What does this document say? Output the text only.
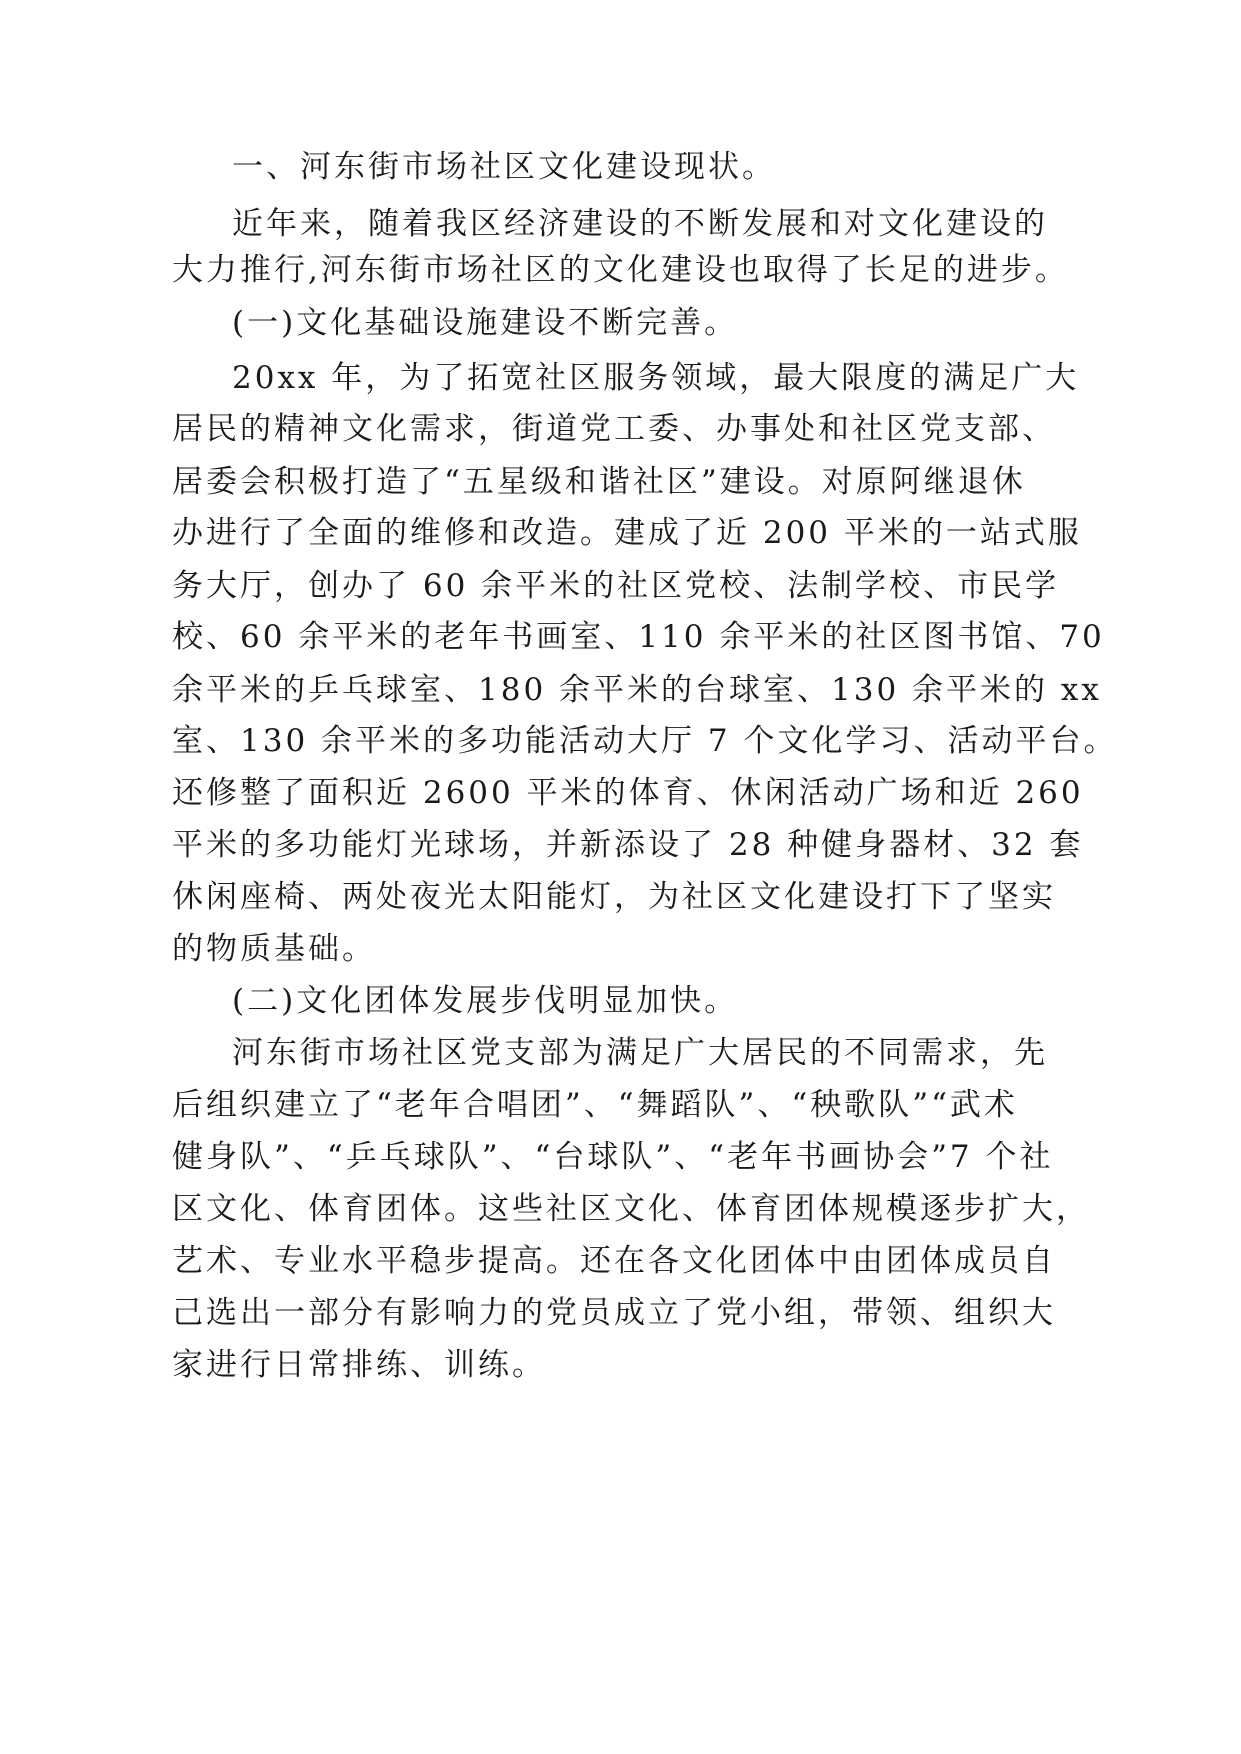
一、河东街市场社区文化建设现状。
近年来，随着我区经济建设的不断发展和对文化建设的
大力推行,河东街市场社区的文化建设也取得了长足的进步。
(一)文化基础设施建设不断完善。
20xx 年，为了拓宽社区服务领域，最大限度的满足广大
居民的精神文化需求，街道党工委、办事处和社区党支部、
居委会积极打造了“五星级和谐社区”建设。对原阿继退休
办进行了全面的维修和改造。建成了近 200 平米的一站式服
务大厅，创办了 60 余平米的社区党校、法制学校、市民学
校、60 余平米的老年书画室、110 余平米的社区图书馆、70
余平米的乒乓球室、180 余平米的台球室、130 余平米的 xx
室、130 余平米的多功能活动大厅 7 个文化学习、活动平台。
还修整了面积近 2600 平米的体育、休闲活动广场和近 260
平米的多功能灯光球场，并新添设了 28 种健身器材、32 套
休闲座椅、两处夜光太阳能灯，为社区文化建设打下了坚实
的物质基础。
(二)文化团体发展步伐明显加快。
河东街市场社区党支部为满足广大居民的不同需求，先
后组织建立了“老年合唱团”、“舞蹈队”、“秧歌队”“武术
健身队”、“乒乓球队”、“台球队”、“老年书画协会”7 个社
区文化、体育团体。这些社区文化、体育团体规模逐步扩大，
艺术、专业水平稳步提高。还在各文化团体中由团体成员自
己选出一部分有影响力的党员成立了党小组，带领、组织大
家进行日常排练、训练。
